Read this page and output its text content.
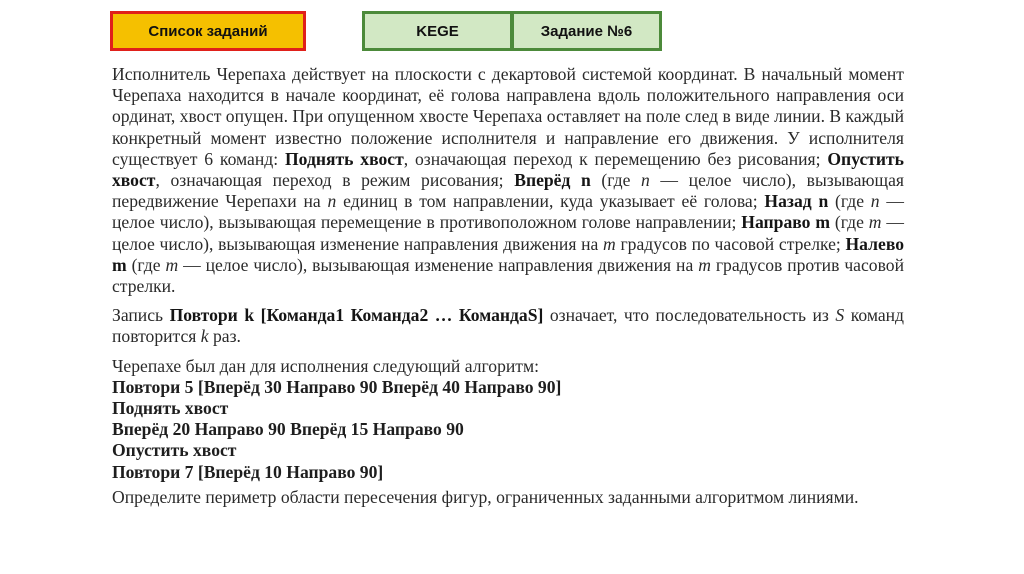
Список заданий	KEGE	Задание №6

Исполнитель Черепаха действует на плоскости с декартовой системой координат. В начальный момент Черепаха находится в начале координат, её голова направлена вдоль положительного направления оси ординат, хвост опущен. При опущенном хвосте Черепаха оставляет на поле след в виде линии. В каждый конкретный момент известно положение исполнителя и направление его движения. У исполнителя существует 6 команд: Поднять хвост, означающая переход к перемещению без рисования; Опустить хвост, означающая переход в режим рисования; Вперёд n (где n — целое число), вызывающая передвижение Черепахи на n единиц в том направлении, куда указывает её голова; Назад n (где n — целое число), вызывающая перемещение в противоположном голове направлении; Направо m (где m — целое число), вызывающая изменение направления движения на m градусов по часовой стрелке; Налево m (где m — целое число), вызывающая изменение направления движения на m градусов против часовой стрелки.

Запись Повтори k [Команда1 Команда2 … КомандаS] означает, что последовательность из S команд повторится k раз.

Черепахе был дан для исполнения следующий алгоритм:

Повтори 5 [Вперёд 30 Направо 90 Вперёд 40 Направо 90]
Поднять хвост
Вперёд 20 Направо 90 Вперёд 15 Направо 90
Опустить хвост
Повтори 7 [Вперёд 10 Направо 90]

Определите периметр области пересечения фигур, ограниченных заданными алгоритмом линиями.
